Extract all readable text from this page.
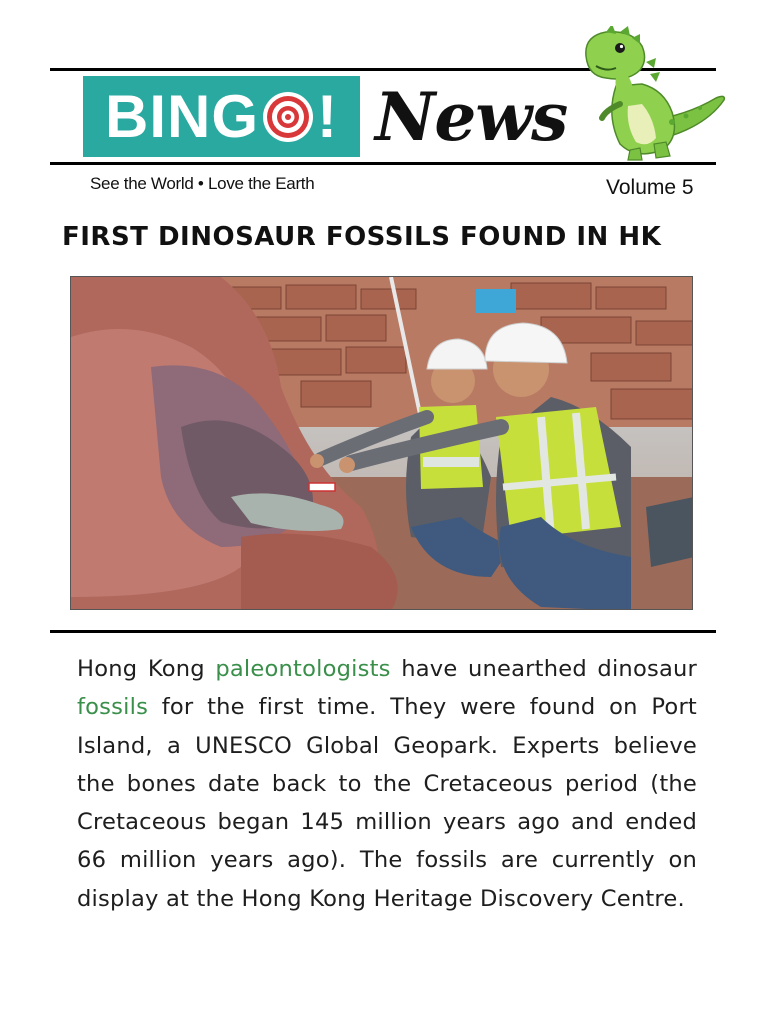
BING ! News
See the World • Love the Earth	Volume 5
FIRST DINOSAUR FOSSILS FOUND IN HK

Hong Kong paleontologists have unearthed dinosaur fossils for the first time. They were found on Port Island, a UNESCO Global Geopark. Experts believe the bones date back to the Cretaceous period (the Cretaceous began 145 million years ago and ended 66 million years ago). The fossils are currently on display at the Hong Kong Heritage Discovery Centre.
